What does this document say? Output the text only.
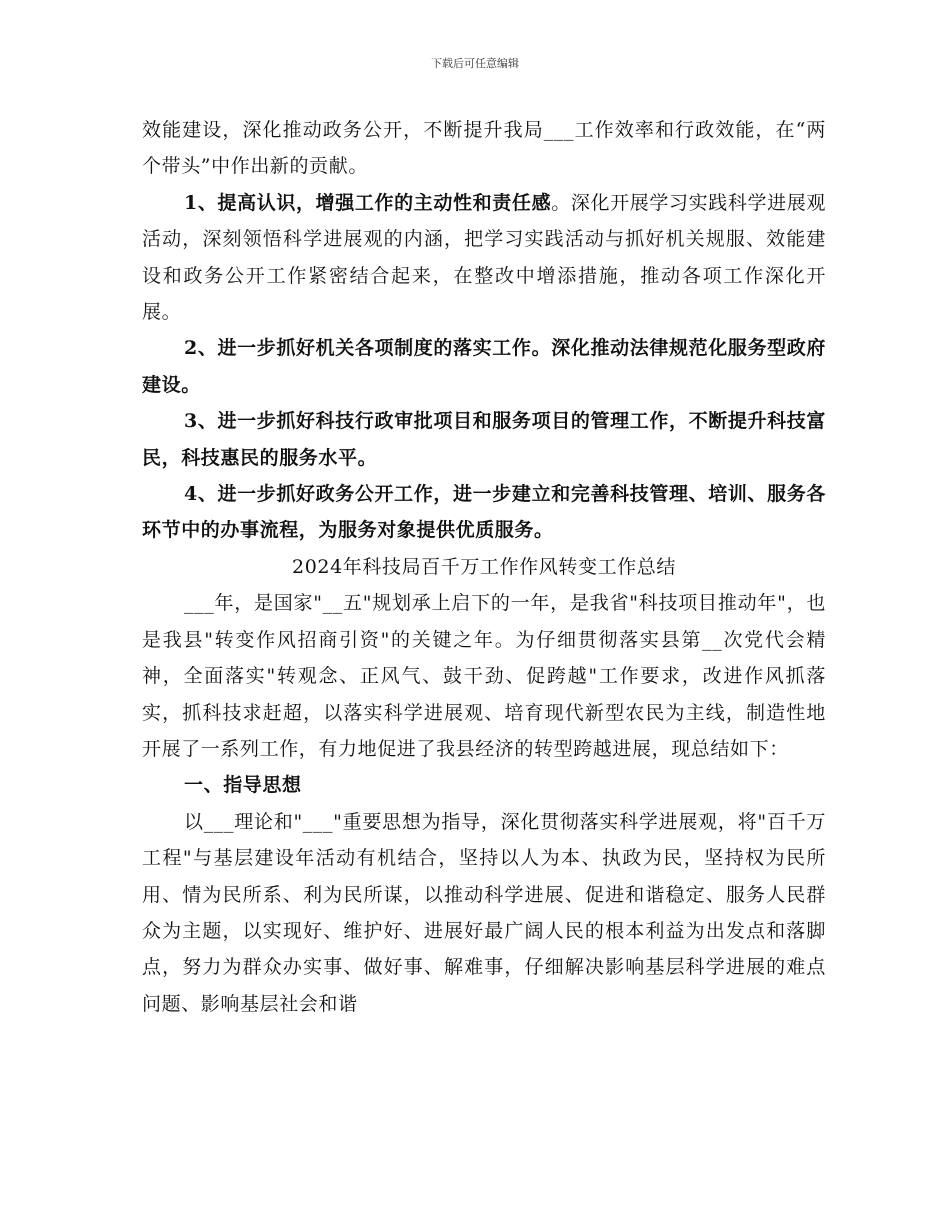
下载后可任意编辑

效能建设，深化推动政务公开，不断提升我局___工作效率和行政效能，在“两个带头”中作出新的贡献。

1、提高认识，增强工作的主动性和责任感。深化开展学习实践科学进展观活动，深刻领悟科学进展观的内涵，把学习实践活动与抓好机关规服、效能建设和政务公开工作紧密结合起来，在整改中增添措施，推动各项工作深化开展。

2、进一步抓好机关各项制度的落实工作。深化推动法律规范化服务型政府建设。

3、进一步抓好科技行政审批项目和服务项目的管理工作，不断提升科技富民，科技惠民的服务水平。

4、进一步抓好政务公开工作，进一步建立和完善科技管理、培训、服务各环节中的办事流程，为服务对象提供优质服务。

2024年科技局百千万工作作风转变工作总结

___年，是国家"__五"规划承上启下的一年，是我省"科技项目推动年"，也是我县"转变作风招商引资"的关键之年。为仔细贯彻落实县第__次党代会精神，全面落实"转观念、正风气、鼓干劲、促跨越"工作要求，改进作风抓落实，抓科技求赶超，以落实科学进展观、培育现代新型农民为主线，制造性地开展了一系列工作，有力地促进了我县经济的转型跨越进展，现总结如下：

一、指导思想

以___理论和"___"重要思想为指导，深化贯彻落实科学进展观，将"百千万工程"与基层建设年活动有机结合，坚持以人为本、执政为民，坚持权为民所用、情为民所系、利为民所谋，以推动科学进展、促进和谐稳定、服务人民群众为主题，以实现好、维护好、进展好最广阔人民的根本利益为出发点和落脚点，努力为群众办实事、做好事、解难事，仔细解决影响基层科学进展的难点问题、影响基层社会和谐
